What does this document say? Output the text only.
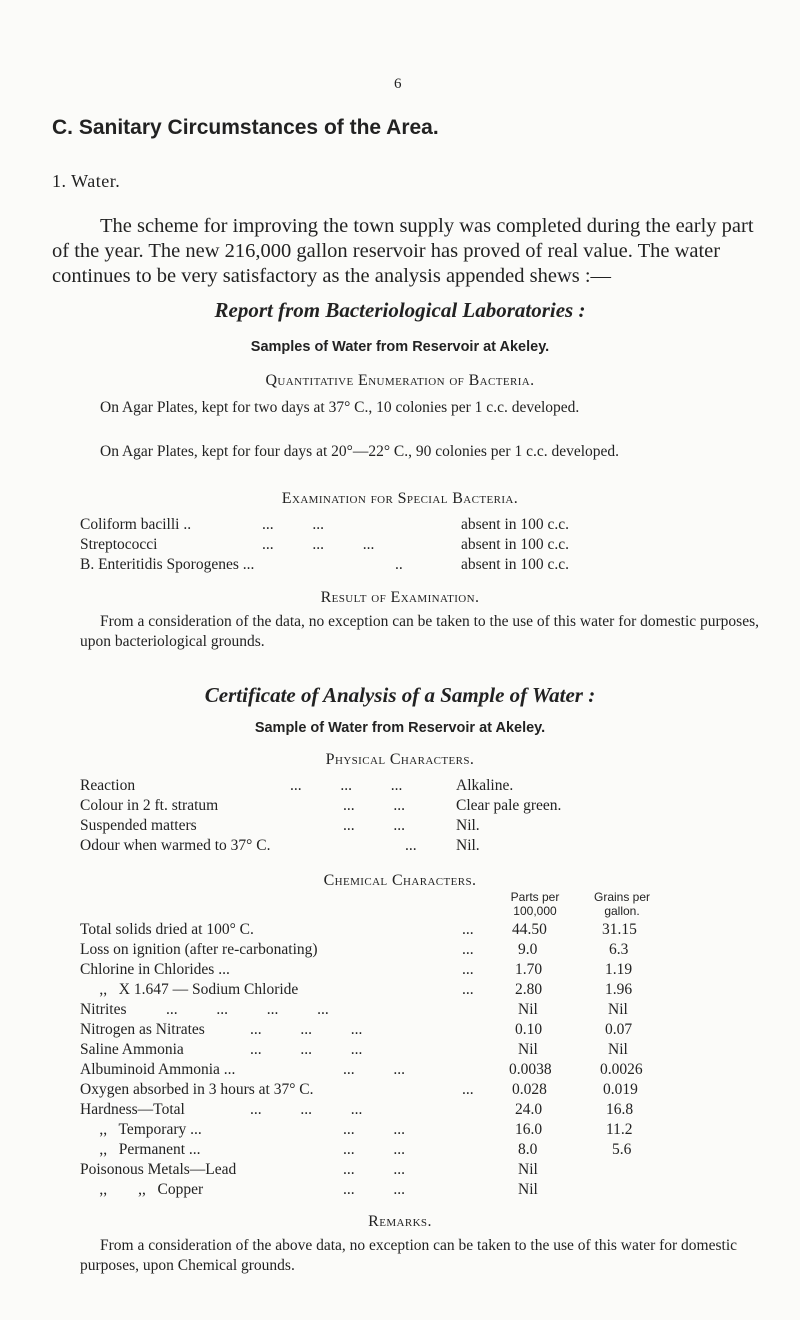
6
C. Sanitary Circumstances of the Area.
1. Water.

The scheme for improving the town supply was completed during the early part of the year. The new 216,000 gallon reservoir has proved of real value. The water continues to be very satisfactory as the analysis appended shews :—

Report from Bacteriological Laboratories :
Samples of Water from Reservoir at Akeley.
Quantitative Enumeration of Bacteria.
On Agar Plates, kept for two days at 37° C., 10 colonies per 1 c.c. developed.
On Agar Plates, kept for four days at 20°—22° C., 90 colonies per 1 c.c. developed.
Examination for Special Bacteria.
Coliform bacilli ..	...          ...	absent in 100 c.c.
Streptococci	...          ...          ...	absent in 100 c.c.
B. Enteritidis Sporogenes ...	..	absent in 100 c.c.
Result of Examination.
From a consideration of the data, no exception can be taken to the use of this water for domestic purposes, upon bacteriological grounds.
Certificate of Analysis of a Sample of Water :
Sample of Water from Reservoir at Akeley.
Physical Characters.
Reaction	...          ...          ...	Alkaline.
Colour in 2 ft. stratum	...          ...	Clear pale green.
Suspended matters	...          ...	Nil.
Odour when warmed to 37° C.	...	Nil.
Chemical Characters.
Parts per
100,000
Grains per
gallon.
Total solids dried at 100° C.	... 44.50	31.15
Loss on ignition (after re-carbonating)	...	9.0	6.3
Chlorine in Chlorides ...	...	1.70	1.19
,,   X 1.647 — Sodium Chloride	...	2.80	1.96
Nitrites	...          ...          ...          ...	Nil	Nil
Nitrogen as Nitrates	...          ...          ...	0.10	0.07
Saline Ammonia	...          ...          ...	Nil	Nil
Albuminoid Ammonia ...	...          ...	0.0038	0.0026
Oxygen absorbed in 3 hours at 37° C.	... 0.028	0.019
Hardness—Total	...          ...          ...	24.0	16.8
,,   Temporary ...	...          ...	16.0	11.2
,,   Permanent ...	...          ...	8.0	5.6
Poisonous Metals—Lead	...          ...	Nil
,,        ,,   Copper	...          ...	Nil
Remarks.
From a consideration of the above data, no exception can be taken to the use of this water for domestic purposes, upon Chemical grounds.
